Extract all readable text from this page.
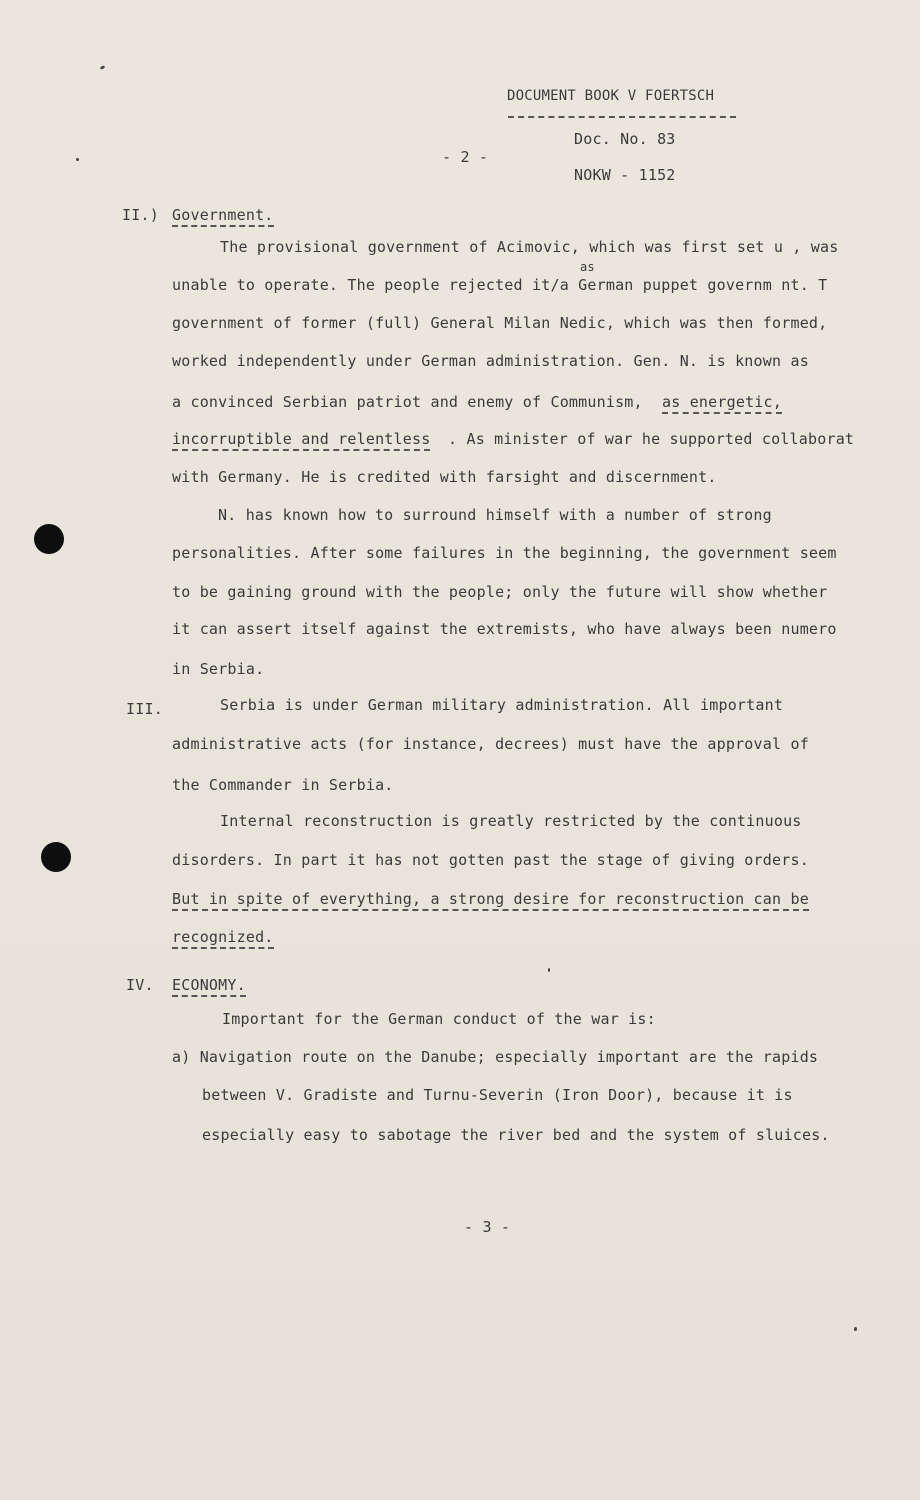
DOCUMENT BOOK V FOERTSCH
Doc. No. 83
- 2 -
NOKW - 1152
II.) Government.
The provisional government of Acimovic, which was first set u , was
as
unable to operate. The people rejected it/a German puppet governm nt. T
government of former (full) General Milan Nedic, which was then formed,
worked independently under German administration. Gen. N. is known as
a convinced Serbian patriot and enemy of Communism, as energetic,
incorruptible and relentless . As minister of war he supported collaborat
with Germany. He is credited with farsight and discernment.
N. has known how to surround himself with a number of strong
personalities. After some failures in the beginning, the government seem
to be gaining ground with the people; only the future will show whether
it can assert itself against the extremists, who have always been numero
in Serbia.
III.	Serbia is under German military administration. All important
administrative acts (for instance, decrees) must have the approval of
the Commander in Serbia.
Internal reconstruction is greatly restricted by the continuous
disorders. In part it has not gotten past the stage of giving orders.
But in spite of everything, a strong desire for reconstruction can be
recognized.
IV. ECONOMY.
Important for the German conduct of the war is:
a) Navigation route on the Danube; especially important are the rapids
between V. Gradiste and Turnu-Severin (Iron Door), because it is
especially easy to sabotage the river bed and the system of sluices.
- 3 -
